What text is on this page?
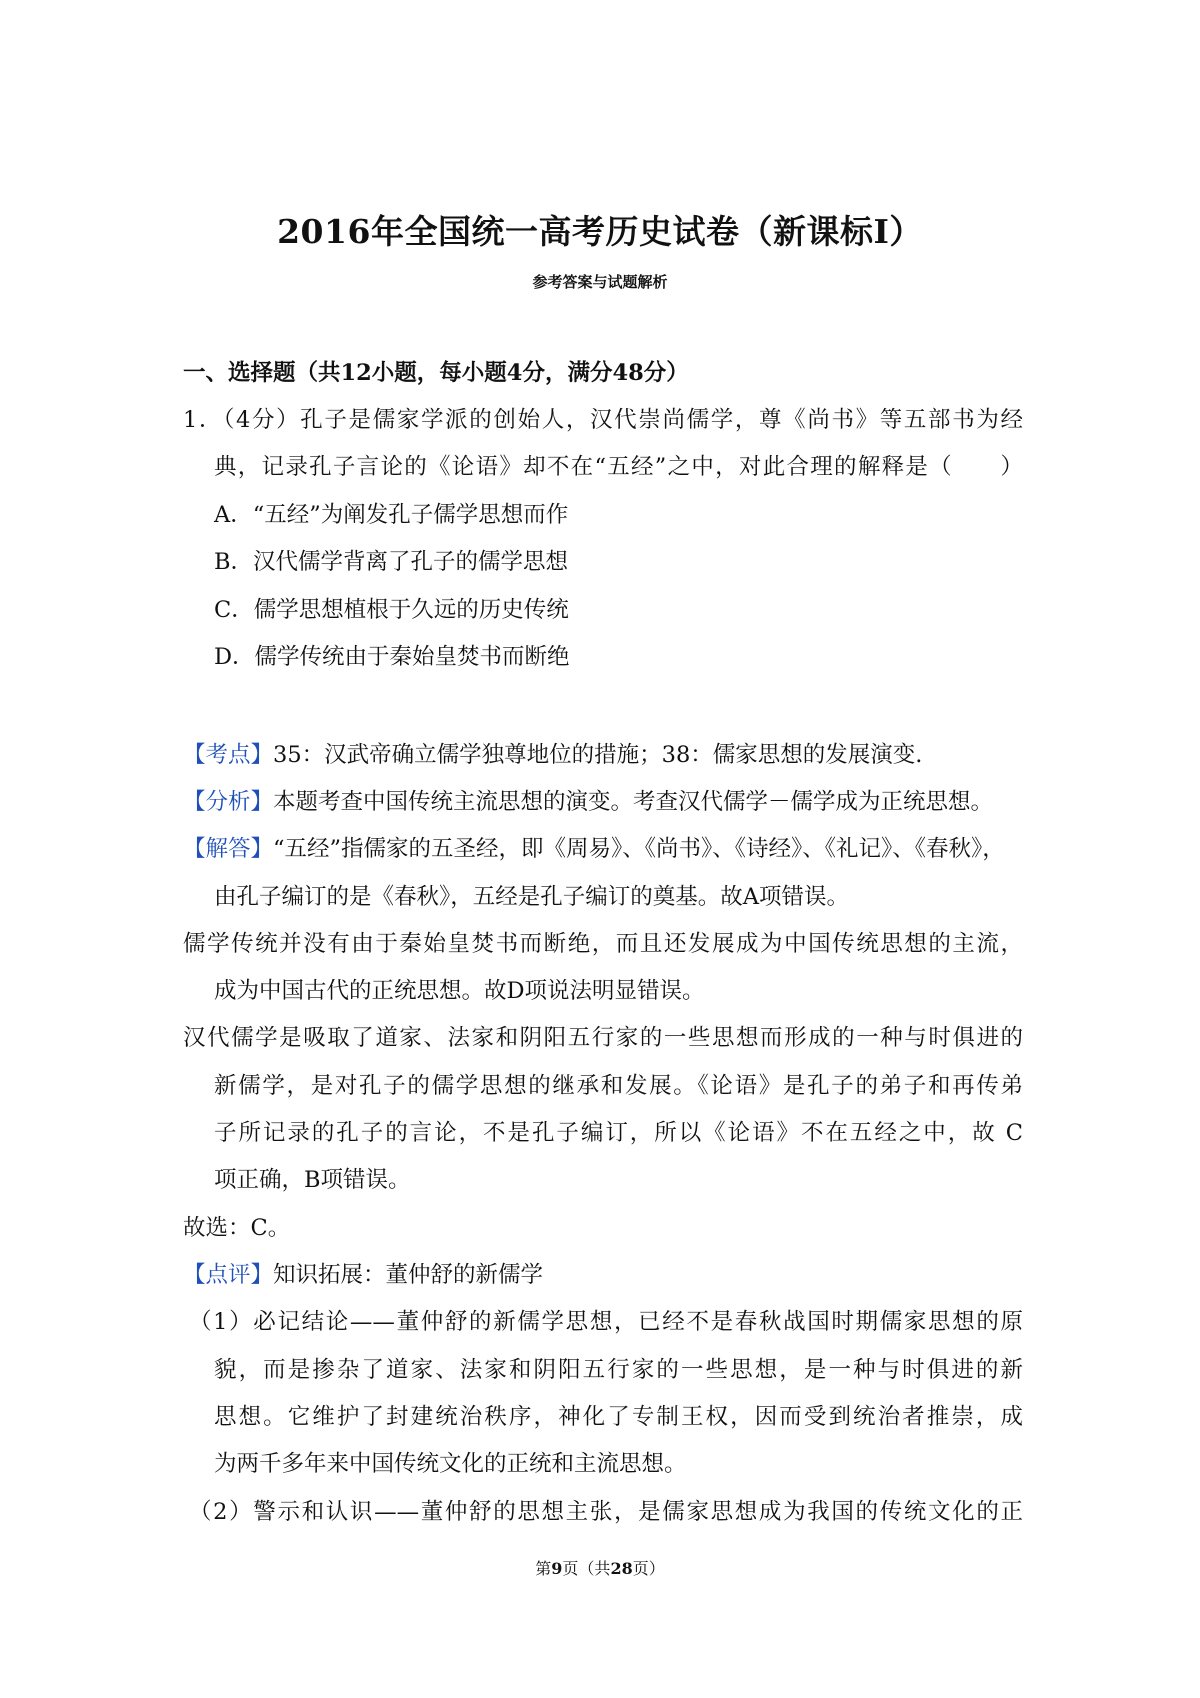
2016年全国统一高考历史试卷（新课标Ⅰ）
参考答案与试题解析
一、选择题（共12小题，每小题4分，满分48分）
1．（4分）孔子是儒家学派的创始人，汉代崇尚儒学，尊《尚书》等五部书为经
典，记录孔子言论的《论语》却不在“五经”之中，对此合理的解释是（　　）
A．“五经”为阐发孔子儒学思想而作
B．汉代儒学背离了孔子的儒学思想
C．儒学思想植根于久远的历史传统
D．儒学传统由于秦始皇焚书而断绝
【考点】35：汉武帝确立儒学独尊地位的措施；38：儒家思想的发展演变.
【分析】本题考查中国传统主流思想的演变。考查汉代儒学－儒学成为正统思想。
【解答】“五经”指儒家的五圣经，即《周易》、《尚书》、《诗经》、《礼记》、《春秋》，
由孔子编订的是《春秋》，五经是孔子编订的奠基。故A项错误。
儒学传统并没有由于秦始皇焚书而断绝，而且还发展成为中国传统思想的主流，
成为中国古代的正统思想。故D项说法明显错误。
汉代儒学是吸取了道家、法家和阴阳五行家的一些思想而形成的一种与时俱进的
新儒学，是对孔子的儒学思想的继承和发展。《论语》是孔子的弟子和再传弟
子所记录的孔子的言论，不是孔子编订，所以《论语》不在五经之中，故 C
项正确，B项错误。
故选：C。
【点评】知识拓展：董仲舒的新儒学
（1）必记结论——董仲舒的新儒学思想，已经不是春秋战国时期儒家思想的原
貌，而是掺杂了道家、法家和阴阳五行家的一些思想，是一种与时俱进的新
思想。它维护了封建统治秩序，神化了专制王权，因而受到统治者推崇，成
为两千多年来中国传统文化的正统和主流思想。
（2）警示和认识——董仲舒的思想主张，是儒家思想成为我国的传统文化的正
第9页（共28页）
